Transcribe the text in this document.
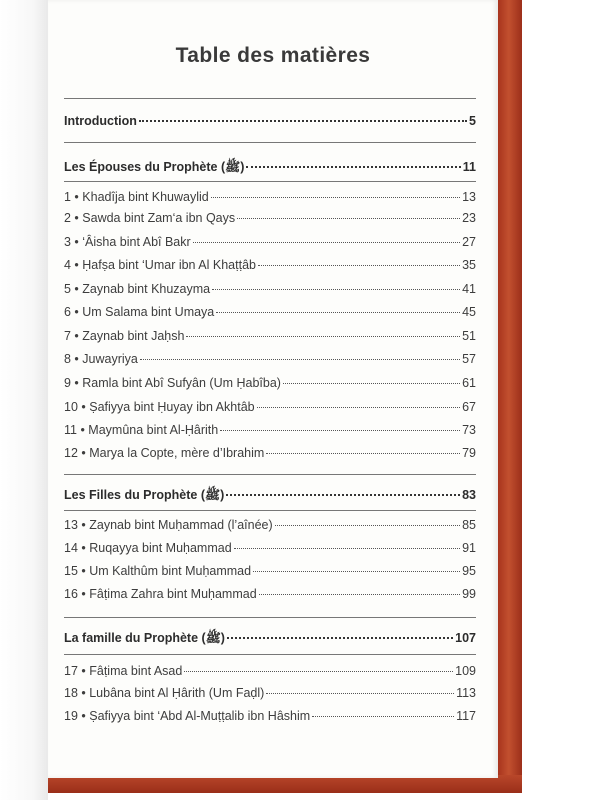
Table des matières
Introduction	5
Les Épouses du Prophète (ﷺ)	11
1 • Khadîja bint Khuwaylid	13
2 • Sawda bint Zam‘a ibn Qays	23
3 • ‘Âisha bint Abî Bakr	27
4 • Ḥafṣa bint ‘Umar ibn Al Khaṭṭâb	35
5 • Zaynab bint Khuzayma	41
6 • Um Salama bint Umaya	45
7 • Zaynab bint Jaḥsh	51
8 • Juwayriya	57
9 • Ramla bint Abî Sufyân (Um Ḥabîba)	61
10 • Ṣafiyya bint Ḥuyay ibn Akhtâb	67
11 • Maymûna bint Al-Ḥârith	73
12 • Marya la Copte, mère d’Ibrahim	79
Les Filles du Prophète (ﷺ)	83
13 • Zaynab bint Muḥammad (l’aînée)	85
14 • Ruqayya bint Muḥammad	91
15 • Um Kalthûm bint Muḥammad	95
16 • Fâṭima Zahra bint Muḥammad	99
La famille du Prophète (ﷺ)	107
17 • Fâṭima bint Asad	109
18 • Lubâna bint Al Ḥârith (Um Faḍl)	113
19 • Ṣafiyya bint ‘Abd Al-Muṭṭalib ibn Hâshim	117
